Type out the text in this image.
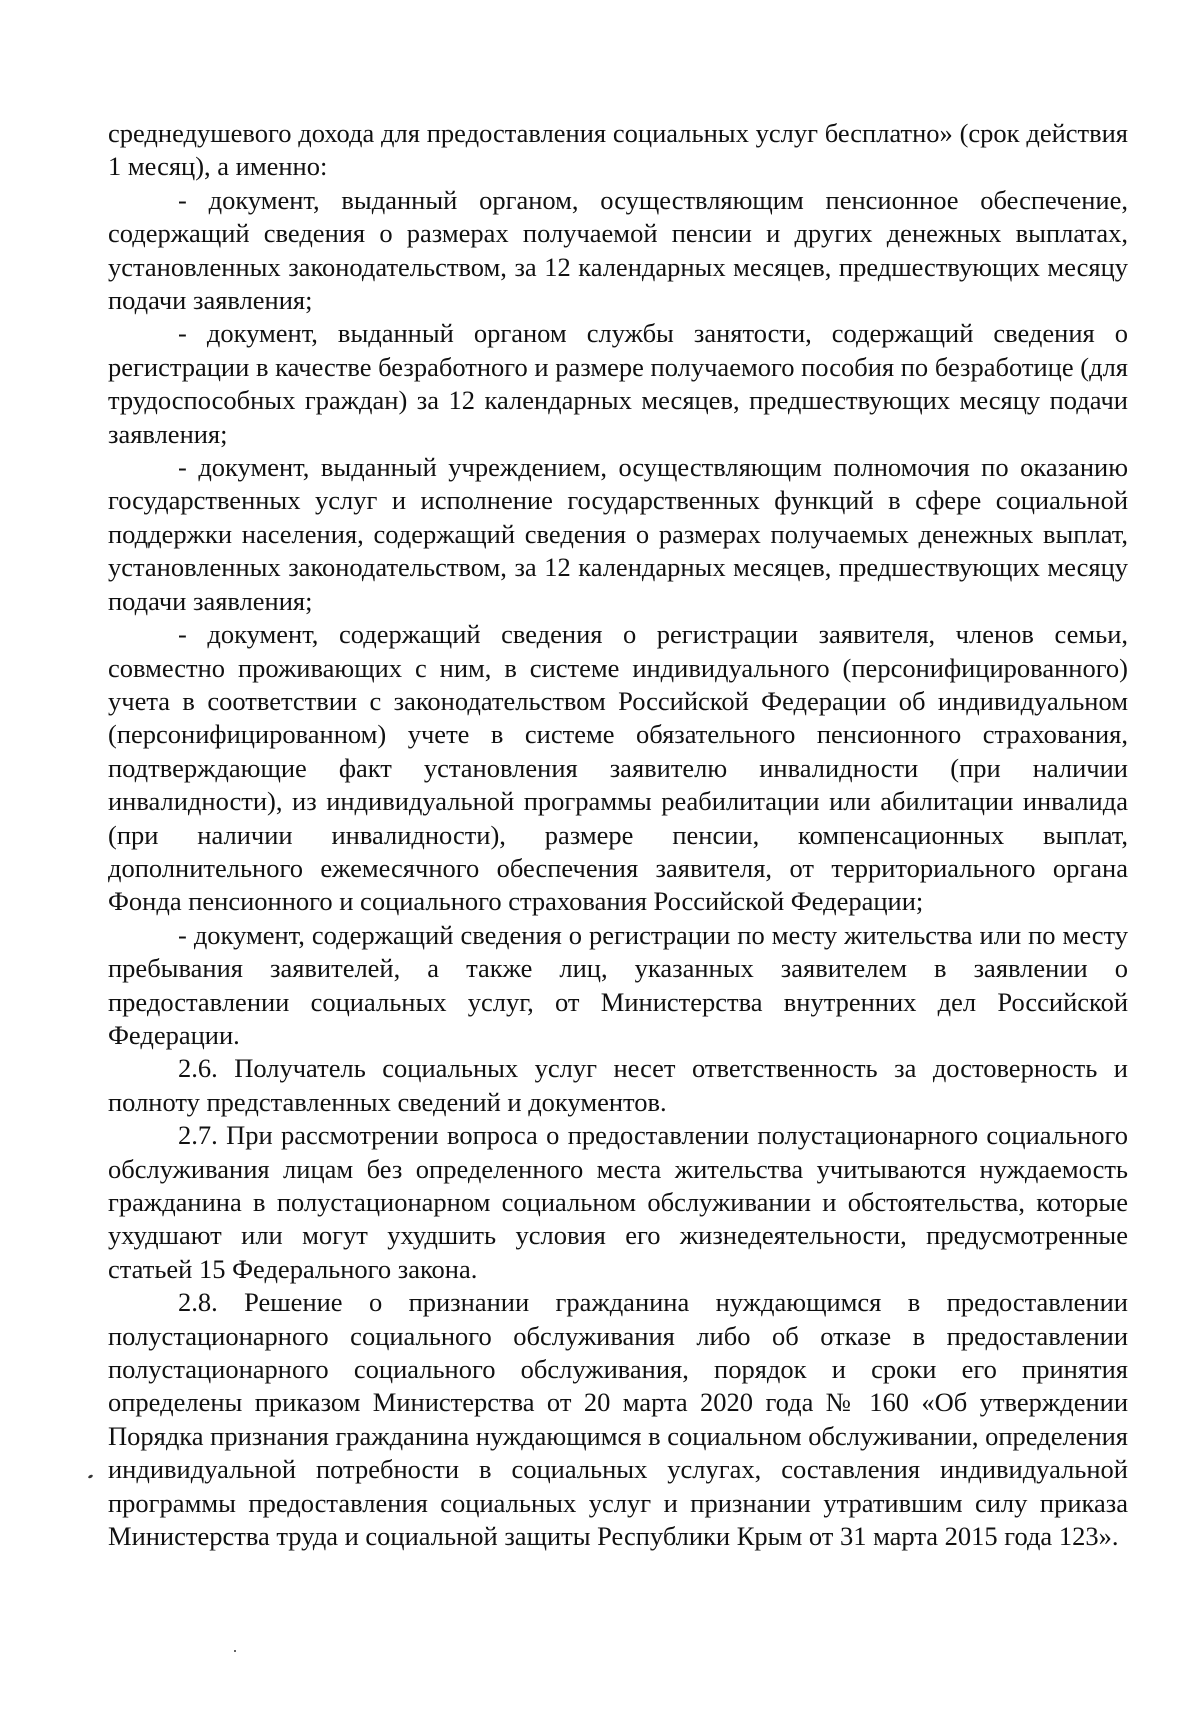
среднедушевого дохода для предоставления социальных услуг бесплатно» (срок действия 1 месяц), а именно:

- документ, выданный органом, осуществляющим пенсионное обеспечение, содержащий сведения о размерах получаемой пенсии и других денежных выплатах, установленных законодательством, за 12 календарных месяцев, предшествующих месяцу подачи заявления;

- документ, выданный органом службы занятости, содержащий сведения о регистрации в качестве безработного и размере получаемого пособия по безработице (для трудоспособных граждан) за 12 календарных месяцев, предшествующих месяцу подачи заявления;

- документ, выданный учреждением, осуществляющим полномочия по оказанию государственных услуг и исполнение государственных функций в сфере социальной поддержки населения, содержащий сведения о размерах получаемых денежных выплат, установленных законодательством, за 12 календарных месяцев, предшествующих месяцу подачи заявления;

- документ, содержащий сведения о регистрации заявителя, членов семьи, совместно проживающих с ним, в системе индивидуального (персонифицированного) учета в соответствии с законодательством Российской Федерации об индивидуальном (персонифицированном) учете в системе обязательного пенсионного страхования, подтверждающие факт установления заявителю инвалидности (при наличии инвалидности), из индивидуальной программы реабилитации или абилитации инвалида (при наличии инвалидности), размере пенсии, компенсационных выплат, дополнительного ежемесячного обеспечения заявителя, от территориального органа Фонда пенсионного и социального страхования Российской Федерации;

- документ, содержащий сведения о регистрации по месту жительства или по месту пребывания заявителей, а также лиц, указанных заявителем в заявлении о предоставлении социальных услуг, от Министерства внутренних дел Российской Федерации.

2.6. Получатель социальных услуг несет ответственность за достоверность и полноту представленных сведений и документов.

2.7. При рассмотрении вопроса о предоставлении полустационарного социального обслуживания лицам без определенного места жительства учитываются нуждаемость гражданина в полустационарном социальном обслуживании и обстоятельства, которые ухудшают или могут ухудшить условия его жизнедеятельности, предусмотренные статьей 15 Федерального закона.

2.8. Решение о признании гражданина нуждающимся в предоставлении полустационарного социального обслуживания либо об отказе в предоставлении полустационарного социального обслуживания, порядок и сроки его принятия определены приказом Министерства от 20 марта 2020 года № 160 «Об утверждении Порядка признания гражданина нуждающимся в социальном обслуживании, определения индивидуальной потребности в социальных услугах, составления индивидуальной программы предоставления социальных услуг и признании утратившим силу приказа Министерства труда и социальной защиты Республики Крым от 31 марта 2015 года 123».
